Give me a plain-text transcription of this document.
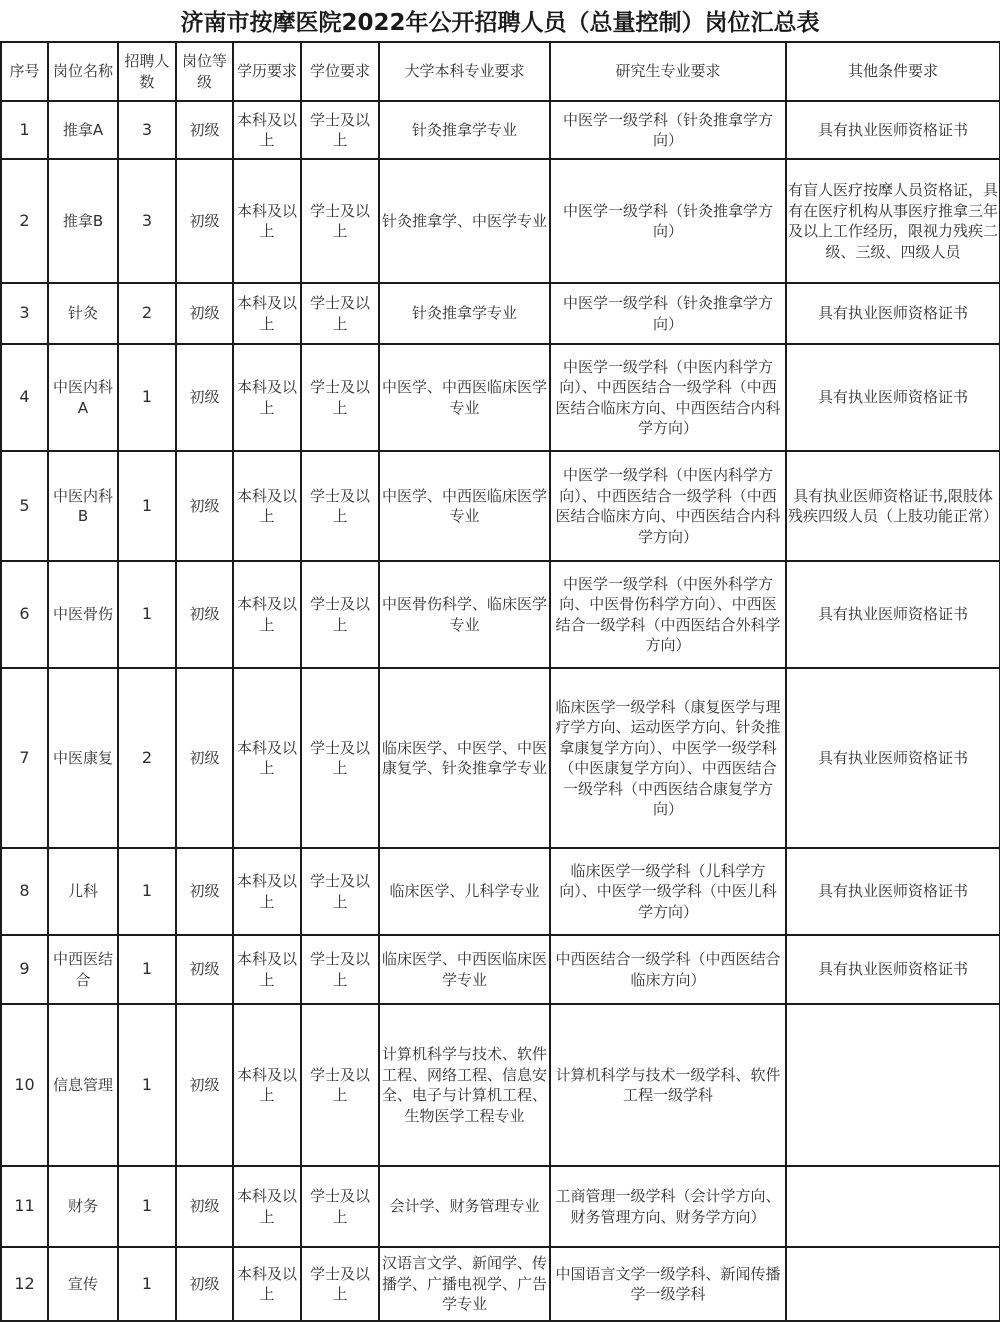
济南市按摩医院2022年公开招聘人员（总量控制）岗位汇总表
序号	岗位名称	招聘人数	岗位等级	学历要求	学位要求	大学本科专业要求	研究生专业要求	其他条件要求
1	推拿A	3	初级	本科及以上	学士及以上	针灸推拿学专业	中医学一级学科（针灸推拿学方向）	具有执业医师资格证书
2	推拿B	3	初级	本科及以上	学士及以上	针灸推拿学、中医学专业	中医学一级学科（针灸推拿学方向）	有盲人医疗按摩人员资格证，具有在医疗机构从事医疗推拿三年及以上工作经历，限视力残疾二级、三级、四级人员
3	针灸	2	初级	本科及以上	学士及以上	针灸推拿学专业	中医学一级学科（针灸推拿学方向）	具有执业医师资格证书
4	中医内科A	1	初级	本科及以上	学士及以上	中医学、中西医临床医学专业	中医学一级学科（中医内科学方向）、中西医结合一级学科（中西医结合临床方向、中西医结合内科学方向）	具有执业医师资格证书
5	中医内科B	1	初级	本科及以上	学士及以上	中医学、中西医临床医学专业	中医学一级学科（中医内科学方向）、中西医结合一级学科（中西医结合临床方向、中西医结合内科学方向）	具有执业医师资格证书,限肢体残疾四级人员（上肢功能正常）
6	中医骨伤	1	初级	本科及以上	学士及以上	中医骨伤科学、临床医学专业	中医学一级学科（中医外科学方向、中医骨伤科学方向）、中西医结合一级学科（中西医结合外科学方向）	具有执业医师资格证书
7	中医康复	2	初级	本科及以上	学士及以上	临床医学、中医学、中医康复学、针灸推拿学专业	临床医学一级学科（康复医学与理疗学方向、运动医学方向、针灸推拿康复学方向）、中医学一级学科（中医康复学方向）、中西医结合一级学科（中西医结合康复学方向）	具有执业医师资格证书
8	儿科	1	初级	本科及以上	学士及以上	临床医学、儿科学专业	临床医学一级学科（儿科学方向）、中医学一级学科（中医儿科学方向）	具有执业医师资格证书
9	中西医结合	1	初级	本科及以上	学士及以上	临床医学、中西医临床医学专业	中西医结合一级学科（中西医结合临床方向）	具有执业医师资格证书
10	信息管理	1	初级	本科及以上	学士及以上	计算机科学与技术、软件工程、网络工程、信息安全、电子与计算机工程、生物医学工程专业	计算机科学与技术一级学科、软件工程一级学科	
11	财务	1	初级	本科及以上	学士及以上	会计学、财务管理专业	工商管理一级学科（会计学方向、财务管理方向、财务学方向）	
12	宣传	1	初级	本科及以上	学士及以上	汉语言文学、新闻学、传播学、广播电视学、广告学专业	中国语言文学一级学科、新闻传播学一级学科	
